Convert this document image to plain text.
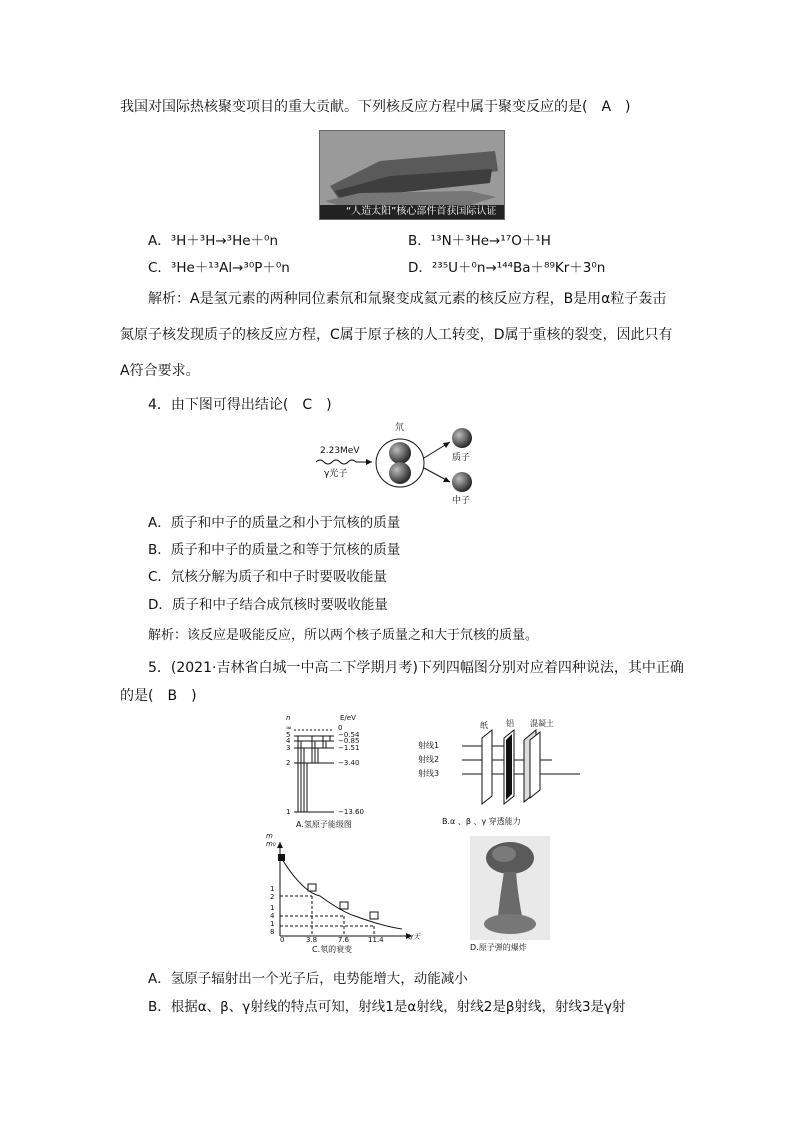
我国对国际热核聚变项目的重大贡献。下列核反应方程中属于聚变反应的是(　A　)
“人造太阳”核心部件首获国际认证
A．³H＋³H→³He＋⁰n	B．¹³N＋³He→¹⁷O＋¹H
C．³He＋¹³Al→³⁰P＋⁰n	D．²³⁵U＋⁰n→¹⁴⁴Ba＋⁸⁹Kr＋3⁰n
解析：A是氢元素的两种同位素氘和氚聚变成氦元素的核反应方程，B是用α粒子轰击
氮原子核发现质子的核反应方程，C属于原子核的人工转变，D属于重核的裂变，因此只有
A符合要求。
4．由下图可得出结论(　C　)
2.23MeV
γ光子
氘
质子
中子
A．质子和中子的质量之和小于氘核的质量
B．质子和中子的质量之和等于氘核的质量
C．氘核分解为质子和中子时要吸收能量
D．质子和中子结合成氘核时要吸收能量
解析：该反应是吸能反应，所以两个核子质量之和大于氘核的质量。
5．(2021·吉林省白城一中高二下学期月考)下列四幅图分别对应着四种说法，其中正确
的是(　B　)
n	E/eV
∞	0
5	−0.54
4	−0.85
3	−1.51
2	−3.40
1	−13.60
A.氢原子能级图
纸 铝 混凝土
射线1
射线2
射线3
B.α 、β 、γ 穿透能力
m
m₀
1
2
1
4
1
8
0	3.8	7.6	11.4	t/天
C.氡的衰变	D.原子弹的爆炸
A．氢原子辐射出一个光子后，电势能增大，动能减小
B．根据α、β、γ射线的特点可知，射线1是α射线，射线2是β射线，射线3是γ射
